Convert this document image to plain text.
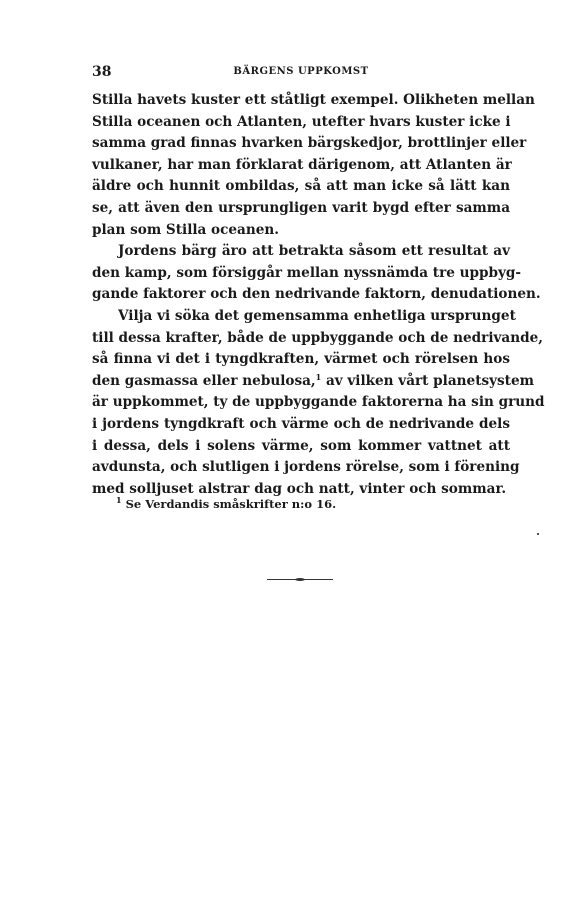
38	BÄRGENS UPPKOMST
Stilla havets kuster ett ståtligt exempel. Olikheten mellan
Stilla oceanen och Atlanten, utefter hvars kuster icke i
samma grad finnas hvarken bärgskedjor, brottlinjer eller
vulkaner, har man förklarat därigenom, att Atlanten är
äldre och hunnit ombildas, så att man icke så lätt kan
se, att även den ursprungligen varit bygd efter samma
plan som Stilla oceanen.
Jordens bärg äro att betrakta såsom ett resultat av
den kamp, som försiggår mellan nyssnämda tre uppbyg-
gande faktorer och den nedrivande faktorn, denudationen.
Vilja vi söka det gemensamma enhetliga ursprunget
till dessa krafter, både de uppbyggande och de nedrivande,
så finna vi det i tyngdkraften, värmet och rörelsen hos
den gasmassa eller nebulosa,$^1$ av vilken vårt planetsystem
är uppkommet, ty de uppbyggande faktorerna ha sin grund
i jordens tyngdkraft och värme och de nedrivande dels
i dessa, dels i solens värme, som kommer vattnet att
avdunsta, och slutligen i jordens rörelse, som i förening
med solljuset alstrar dag och natt, vinter och sommar.
$^1$ Se Verdandis småskrifter n:o 16.
